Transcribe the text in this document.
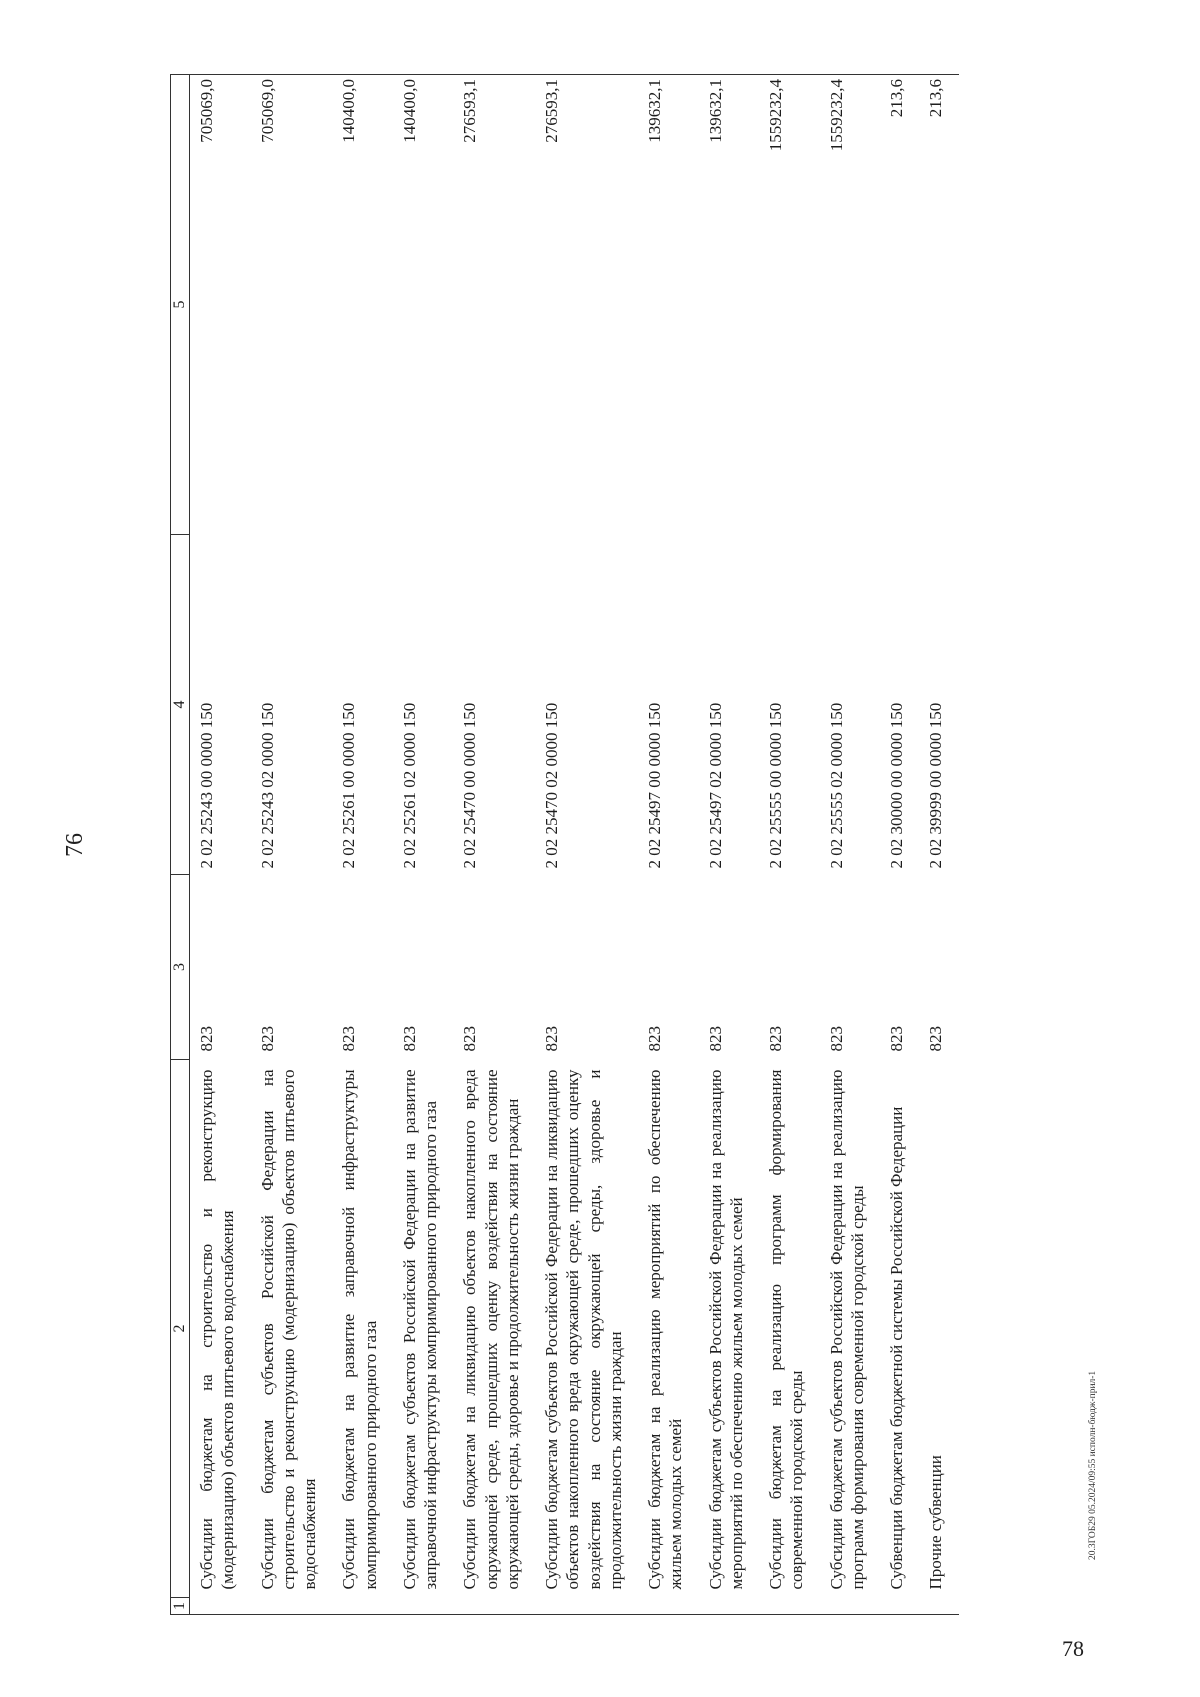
76
1	2	3	4	5
	Субсидии бюджетам на строительство и реконструкцию (модернизацию) объектов питьевого водоснабжения	823	2 02 25243 00 0000 150	705069,0
	Субсидии бюджетам субъектов Российской Федерации на строительство и реконструкцию (модернизацию) объектов питьевого водоснабжения	823	2 02 25243 02 0000 150	705069,0
	Субсидии бюджетам на развитие заправочной инфраструктуры компримированного природного газа	823	2 02 25261 00 0000 150	140400,0
	Субсидии бюджетам субъектов Российской Федерации на развитие заправочной инфраструктуры компримированного природного газа	823	2 02 25261 02 0000 150	140400,0
	Субсидии бюджетам на ликвидацию объектов накопленного вреда окружающей среде, прошедших оценку воздействия на состояние окружающей среды, здоровье и продолжительность жизни граждан	823	2 02 25470 00 0000 150	276593,1
	Субсидии бюджетам субъектов Российской Федерации на ликвидацию объектов накопленного вреда окружающей среде, прошедших оценку воздействия на состояние окружающей среды, здоровье и продолжительность жизни граждан	823	2 02 25470 02 0000 150	276593,1
	Субсидии бюджетам на реализацию мероприятий по обеспечению жильем молодых семей	823	2 02 25497 00 0000 150	139632,1
	Субсидии бюджетам субъектов Российской Федерации на реализацию мероприятий по обеспечению жильем молодых семей	823	2 02 25497 02 0000 150	139632,1
	Субсидии бюджетам на реализацию программ формирования современной городской среды	823	2 02 25555 00 0000 150	1559232,4
	Субсидии бюджетам субъектов Российской Федерации на реализацию программ формирования современной городской среды	823	2 02 25555 02 0000 150	1559232,4
	Субвенции бюджетам бюджетной системы Российской Федерации	823	2 02 30000 00 0000 150	213,6
	Прочие субвенции	823	2 02 39999 00 0000 150	213,6
20.3ГОБ29 05.2024/09:55 исполн-бюдж-прил-1
78
